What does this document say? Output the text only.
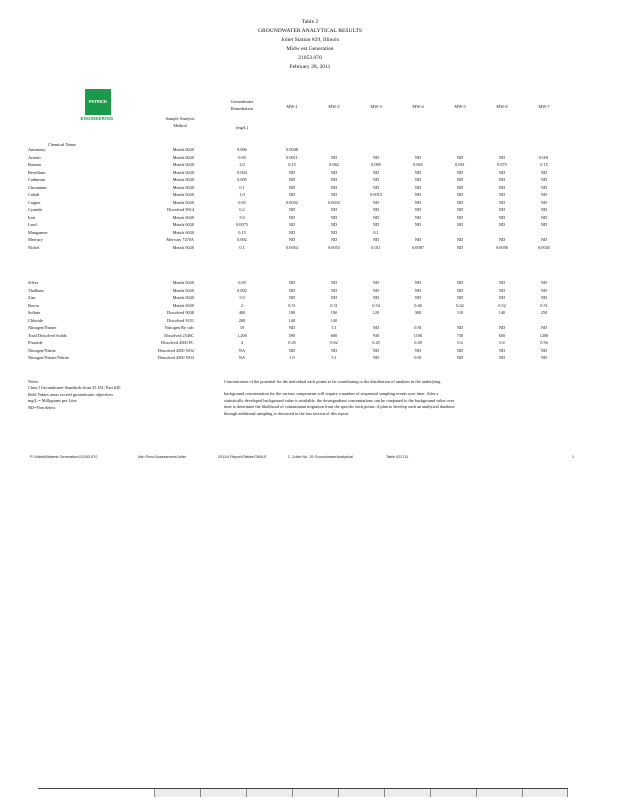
Table 2
GROUNDWATER ANALYTICAL RESULTS
Joliet Station #29, Illinois
Midw est Generation
21053.070
February 28, 2011
PATRICK
ENGINEERING
Groundwater
Remediation
(mg/L)
Sample Analysis
Method
Chemical Name
MW-1	MW-2	MW-3	MW-4	MW-5	MW-6	MW-7
Antimony	Metals 6020	0.006	0.0048
Arsenic	Metals 6020	0.05	0.0011	ND	ND	ND	ND	ND	0.001
Barium	Metals 6020	2.0	0.15	0.082	0.089	0.065	0.061	0.075	0.15
Beryllium	Metals 6020	0.004	ND	ND	ND	ND	ND	ND	ND
Cadmium	Metals 6020	0.005	ND	ND	ND	ND	ND	ND	ND
Chromium	Metals 6020	0.1	ND	ND	ND	ND	ND	ND	ND
Cobalt	Metals 6020	1.0	ND	ND	0.0015	ND	ND	ND	ND
Copper	Metals 6020	0.65	0.0032	0.0032	ND	ND	ND	ND	ND
Cyanide	Dissolved 9014	0.2	ND	ND	ND	ND	ND	ND	ND
Iron	Metals 6020	5.0	ND	ND	ND	ND	ND	ND	ND
Lead	Metals 6020	0.0075	ND	ND	ND	ND	ND	ND	ND
Manganese	Metals 6020	0.15	ND	ND	0.1
Mercury	Mercury 7470A	0.002	ND	ND	ND	ND	ND	ND	ND
Nickel	Metals 6020	0.1	0.0054	0.0053	0.011	0.0087	ND	0.0056	0.0045
Silver	Metals 6020	0.05	ND	ND	ND	ND	ND	ND	ND
Thallium	Metals 6020	0.002	ND	ND	ND	ND	ND	ND	ND
Zinc	Metals 6020	5.0	ND	ND	ND	ND	ND	ND	ND
Boron	Metals 6020	2	0.51	0.51	0.54	0.46	0.42	0.52	0.51
Sulfate	Dissolved 9038	400	180	190	120	300	110	140	250
Chloride	Dissolved 9251	200	140	140
Nitrogen/Nitrate	Nitrogen By calc	10	ND	5.1	ND	0.81	ND	ND	ND
Total Dissolved Solids	Dissolved 2540C	1,200	590	600	930	1100	730	650	1200
Fluoride	Dissolved 4500 FC	4	0.45	0.62	0.45	0.49	0.4	0.4	0.56
Nitrogen/Nitrite	Dissolved 4500 NO2	NA	ND	ND	ND	ND	ND	ND	ND
Nitrogen/Nitrate/Nitrite	Dissolved 4500 NO3	NA	1.9	5.1	ND	0.81	ND	ND	ND
Notes
Class I Groundwater Standards from 35 IAC Part 620
Bold Values areas exceed groundwater objectives
mg/L = Milligrams per Liter
ND=Non detect
Concentration of the potential for the individual each points to be contributing to the distribution of analytes in the underlying
background concentration for the various components will require a number of sequential sampling events over time. After a
statistically developed background value is available, the downgradient concentrations can be compared to the background value over
time to determine the likelihood of contaminant migration from the specific each points. A plan to develop such an analytical database
through additional sampling is discussed in the last section of this report.
P:\Joliet\Midwest Generation\21053.070	Ash Pond Assessment\Joliet	2011\4 Report\Tables\TABLE	2 -Joliet No. 29 GroundwaterAnalytical	Table 021711	1
